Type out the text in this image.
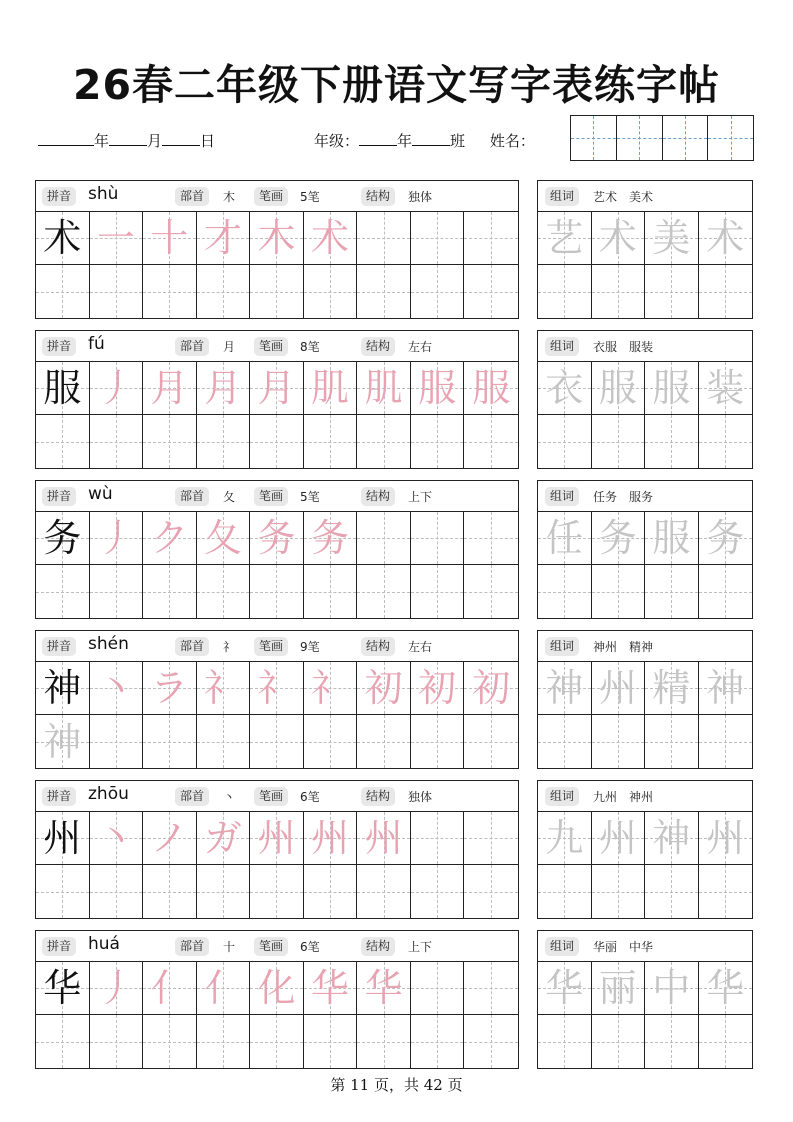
26春二年级下册语文写字表练字帖
年	月	日	年级：	年	班 姓名：
拼音 shù	部首	木	笔画	5笔	结构	独体
术 一 十 才 木 术
组词	艺术　美术
艺 术 美 术
拼音 fú	部首	月	笔画	8笔	结构	左右
服 丿 月 月 月 肌 肌 服 服
组词	衣服　服装
衣 服 服 装
拼音 wù	部首	夂	笔画	5笔	结构	上下
务 丿 ク 夂 务 务
组词	任务　服务
任 务 服 务
拼音 shén	部首	礻	笔画	9笔	结构	左右
神 丶 ラ 礻 礻 礻 初 初 初
神
组词	神州　精神
神 州 精 神
拼音 zhōu	部首	丶	笔画	6笔	结构	独体
州 丶 ノ ガ 州 州 州
组词	九州　神州
九 州 神 州
拼音 huá	部首	十	笔画	6笔	结构	上下
华 丿 亻 亻 化 华 华
组词	华丽　中华
华 丽 中 华
第 11 页，共 42 页
